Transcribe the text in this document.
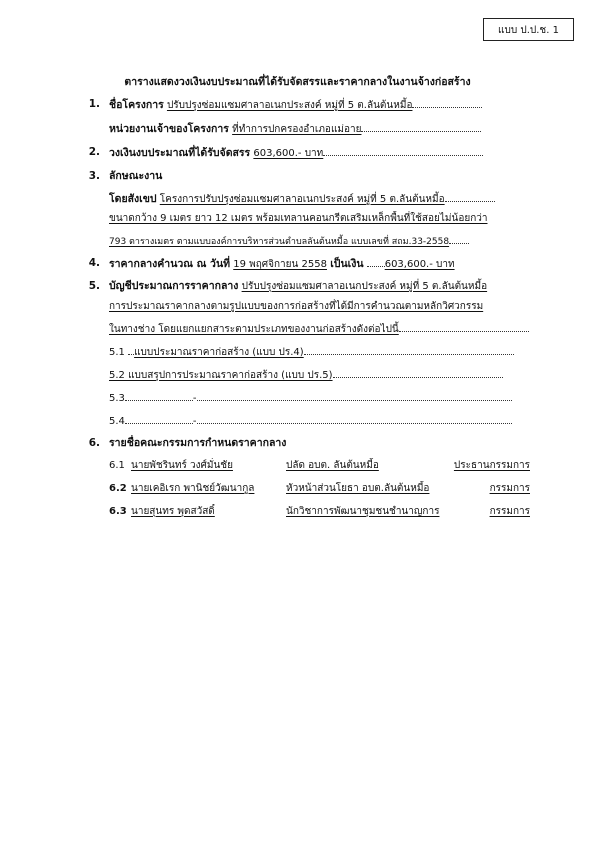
แบบ ป.ป.ช. 1
ตารางแสดงวงเงินงบประมาณที่ได้รับจัดสรรและราคากลางในงานจ้างก่อสร้าง
1. ชื่อโครงการ ปรับปรุงซ่อมแซมศาลาอเนกประสงค์ หมู่ที่ 5 ต.ลันต้นหมี้อ
หน่วยงานเจ้าของโครงการ ที่ทำการปกครองอำเภอแม่อาย
2. วงเงินงบประมาณที่ได้รับจัดสรร 603,600.- บาท
3. ลักษณะงาน
โดยสังเขป โครงการปรับปรุงซ่อมแซมศาลาอเนกประสงค์ หมู่ที่ 5 ต.ลันต้นหมี้อ
ขนาดกว้าง 9 เมตร ยาว 12 เมตร พร้อมเทลานคอนกรีตเสริมเหล็กพื้นที่ใช้สอยไม่น้อยกว่า
793 ตารางเมตร ตามแบบองค์การบริหารส่วนตำบลลันต้นหมี้อ แบบเลขที่ สถม.33-2558
4. ราคากลางคำนวณ ณ วันที่ 19 พฤศจิกายน 2558 เป็นเงิน 603,600.- บาท
5. บัญชีประมาณการราคากลาง ปรับปรุงซ่อมแซมศาลาอเนกประสงค์ หมู่ที่ 5 ต.ลันต้นหมี้อ
การประมาณราคากลางตามรูปแบบของการก่อสร้างที่ได้มีการคำนวณตามหลักวิศวกรรม
ในทางช่าง โดยแยกแยกสาระตามประเภทของงานก่อสร้างดังต่อไปนี้
5.1 แบบประมาณราคาก่อสร้าง (แบบ ปร.4)
5.2 แบบสรุปการประมาณราคาก่อสร้าง (แบบ ปร.5)
5.3	-
5.4	-
6. รายชื่อคณะกรรมการกำหนดราคากลาง
6.1 นายพัชรินทร์ วงศ์มั่นชัย	ปลัด อบต. ลันต้นหมี้อ	ประธานกรรมการ
6.2 นายเคอิเรก พานิชย์วัฒนากูล	หัวหน้าส่วนโยธา อบต.ลันต้นหมี้อ	กรรมการ
6.3 นายสุนทร พุดสวัสดิ์	นักวิชาการพัฒนาชุมชนชำนาญการ	กรรมการ
